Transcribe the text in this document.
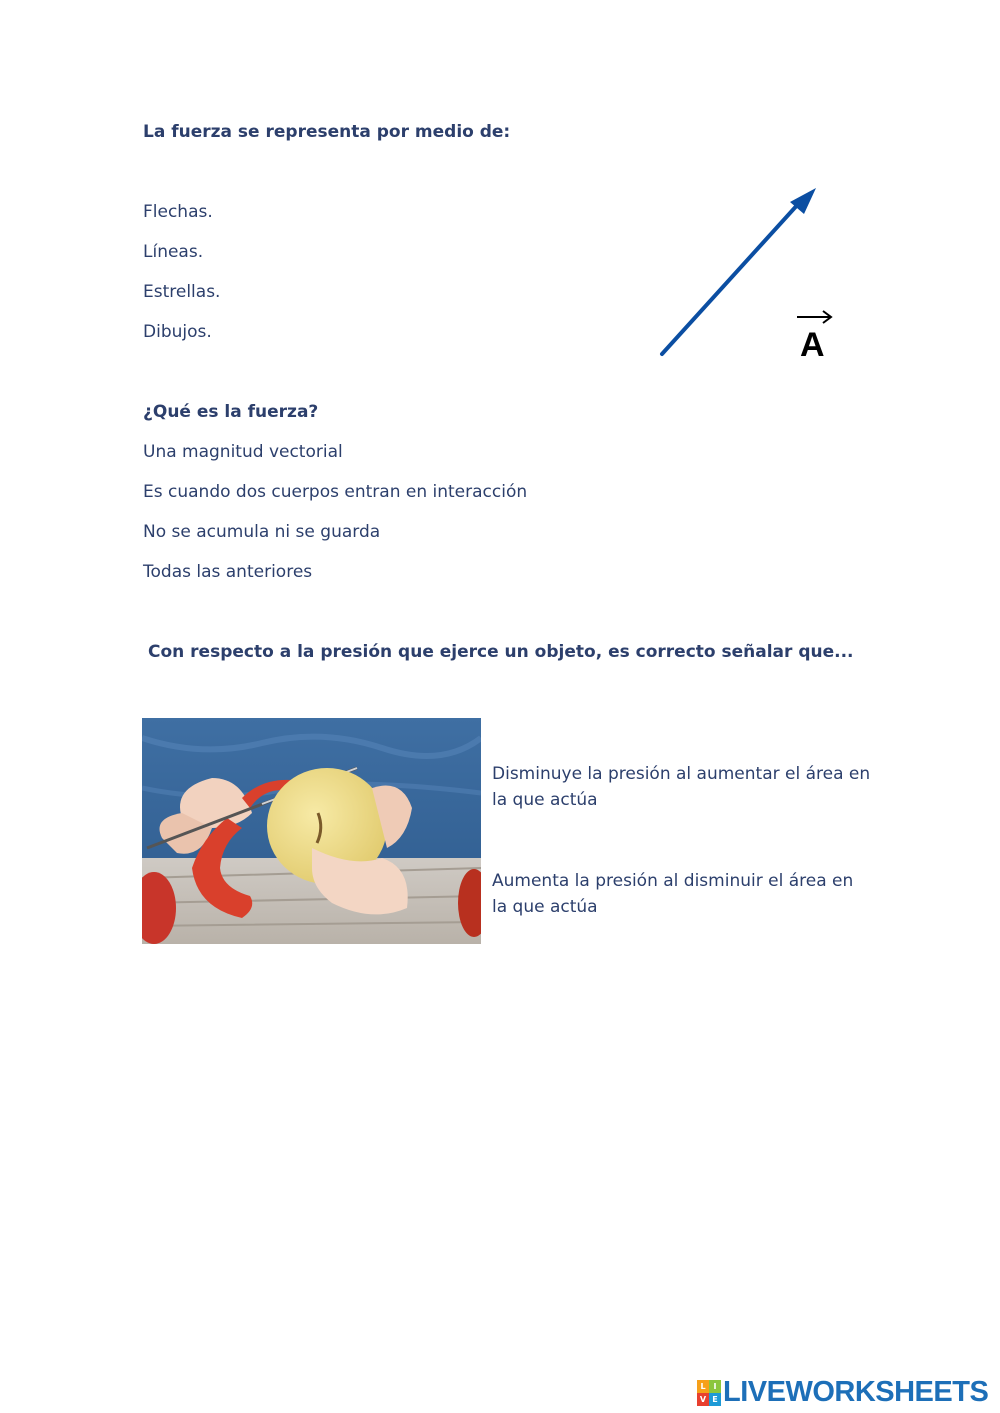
La fuerza se representa por medio de:
Flechas.
Líneas.
Estrellas.
Dibujos.	A
¿Qué es la fuerza?
Una magnitud vectorial
Es cuando dos cuerpos entran en interacción
No se acumula ni se guarda
Todas las anteriores
Con respecto a la presión que ejerce un objeto, es correcto señalar que...
Disminuye la presión al aumentar el área en la que actúa
Aumenta la presión al disminuir el área en la que actúa
L I
V E LIVEWORKSHEETS
